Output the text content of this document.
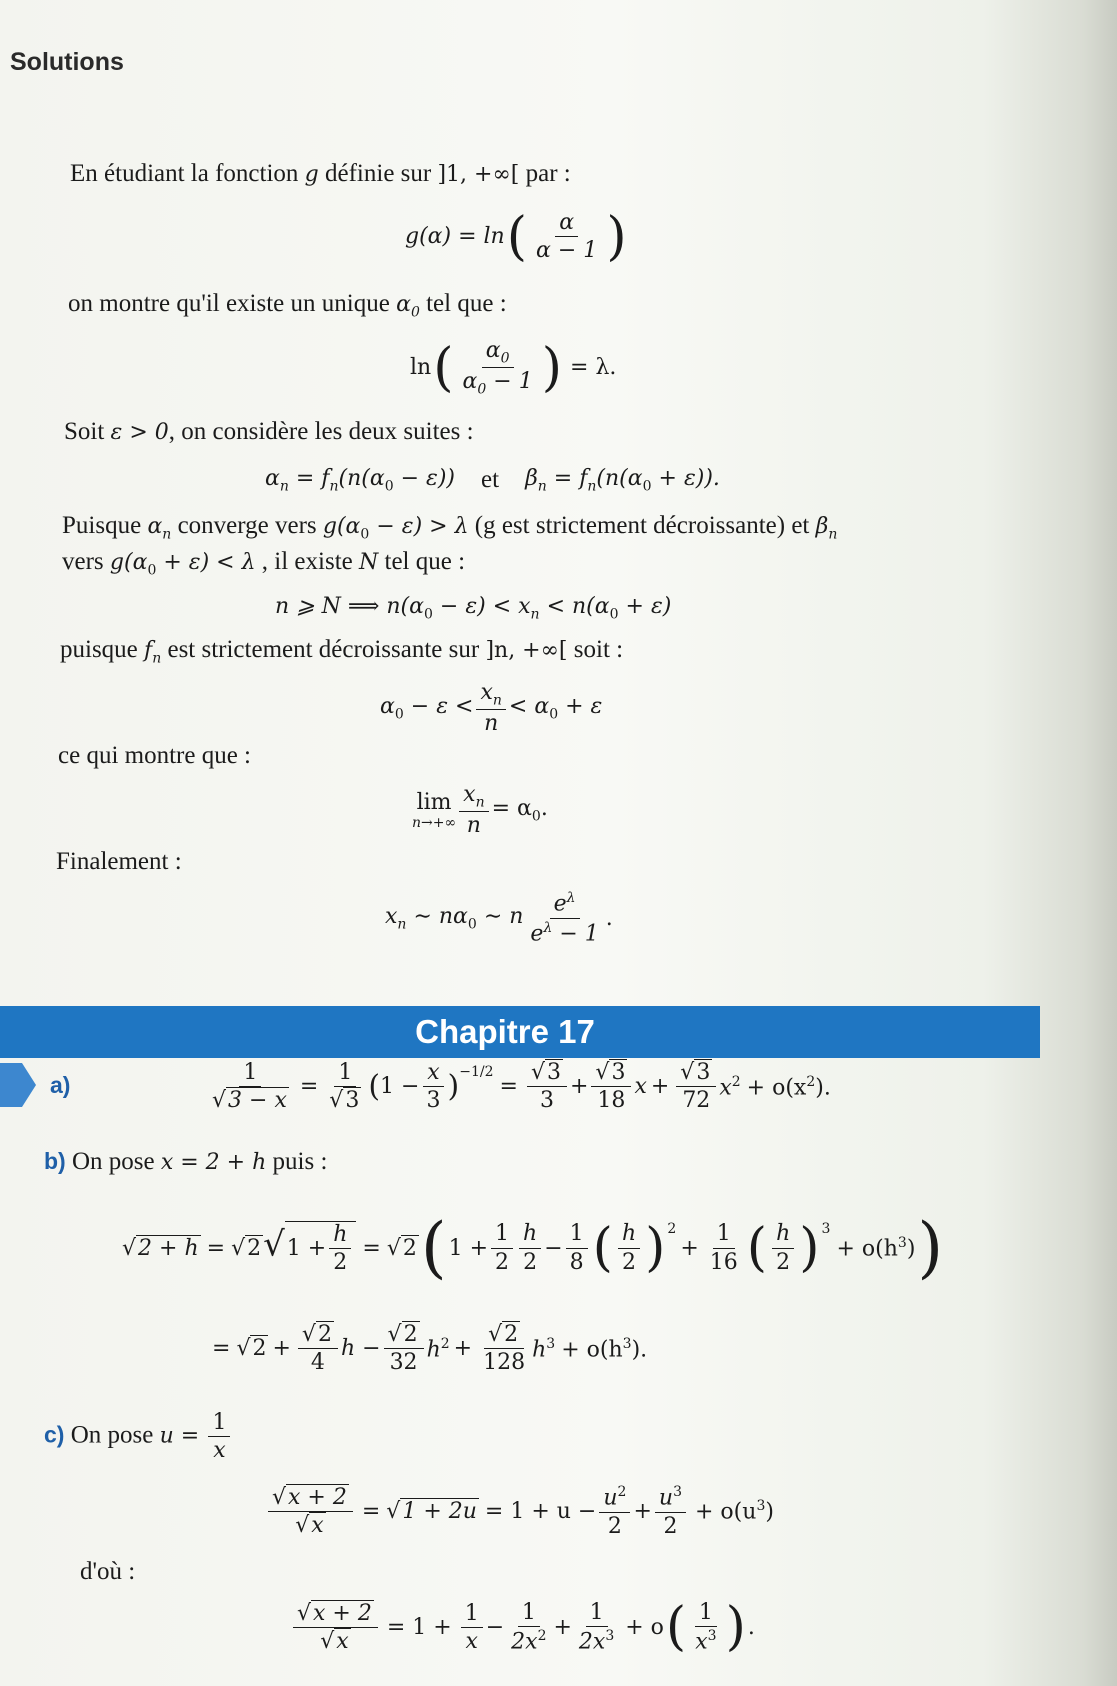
Solutions
En étudiant la fonction g définie sur ]1, +∞[ par :
g(α) = ln ( $\frac{\alpha}{\alpha - 1}$ )
on montre qu'il existe un unique $\alpha_0$ tel que :
ln ( $\frac{\alpha_0}{\alpha_0 - 1}$ ) = λ.
Soit ε > 0, on considère les deux suites :
$\alpha_n = f_n(n(\alpha_0 - \varepsilon))$ et $\beta_n = f_n(n(\alpha_0 + \varepsilon))$.
Puisque $\alpha_n$ converge vers $g(\alpha_0 - \varepsilon) > \lambda$ (g est strictement décroissante) et $\beta_n$
vers $g(\alpha_0 + \varepsilon) < \lambda$ , il existe N tel que :
n ⩾ N ⟹ $n(\alpha_0 - \varepsilon) < x_n < n(\alpha_0 + \varepsilon)$
puisque $f_n$ est strictement décroissante sur ]n, +∞[ soit :
$\alpha_0 - \varepsilon < \frac{x_n}{n} < \alpha_0 + \varepsilon$
ce qui montre que :
lim
$n\to+\infty \frac{x_n}{n} = \alpha_0$.
Finalement :
$x_n$ ∼ $n\alpha_0$ ∼ n $\frac{e^\lambda}{e^\lambda - 1}$ .
Chapitre 17
a)	$\frac{1}{√3 - x} = \frac{1}{√3}$ ( $1 - \frac{x}{3}$ ) −1/2
= $\frac{√3}{3} + \frac{√3}{18}$ $x + \frac{√3}{72} x^2 + o(x^2)$.
b) On pose x = 2 + h puis :
√2 + h = √2 √ $1 + \frac{h}{2} = √2$ ( $1 + \frac{1}{2} \frac{h}{2} - \frac{1}{8}$ ( $\frac{h}{2}$ ) 2
+ $\frac{1}{16}$ ( $\frac{h}{2}$ ) 3
+ $o(h^3)$ )
= $√2 + \frac{√2}{4}$ $h - \frac{√2}{32} h^2 + \frac{√2}{128} h^3 + o(h^3)$.
c) On pose $u = \frac{1}{x}$
$\frac{√x + 2}{√x} = √1 + 2u = 1 + u - \frac{u^2}{2} + \frac{u^3}{2} + o(u^3)$
d'où :
$\frac{√x + 2}{√x} = 1 + \frac{1}{x} - \frac{1}{2x^2} + \frac{1}{2x^3} + o$ ( $\frac{1}{x^3}$ ) .
